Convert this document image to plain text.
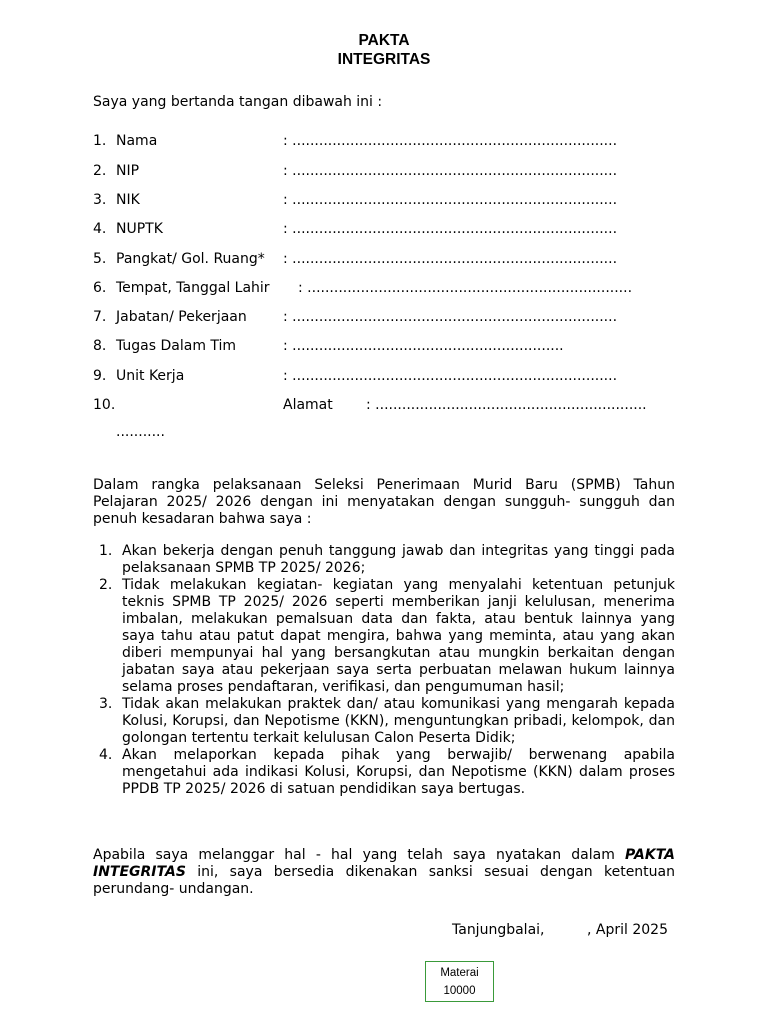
PAKTA
INTEGRITAS
Saya yang bertanda tangan dibawah ini :
1. Nama	: .........................................................................
2. NIP	: .........................................................................
3. NIK	: .........................................................................
4. NUPTK	: .........................................................................
5. Pangkat/ Gol. Ruang* : .........................................................................
6. Tempat, Tanggal Lahir : .........................................................................
7. Jabatan/ Pekerjaan	: .........................................................................
8. Tugas Dalam Tim	: .............................................................
9. Unit Kerja	: .........................................................................
10.	Alamat : .............................................................
...........
Dalam rangka pelaksanaan Seleksi Penerimaan Murid Baru (SPMB) Tahun Pelajaran 2025/ 2026 dengan ini menyatakan dengan sungguh- sungguh dan penuh kesadaran bahwa saya :
1. Akan bekerja dengan penuh tanggung jawab dan integritas yang tinggi pada pelaksanaan SPMB TP 2025/ 2026;
2. Tidak melakukan kegiatan- kegiatan yang menyalahi ketentuan petunjuk teknis SPMB TP 2025/ 2026 seperti memberikan janji kelulusan, menerima imbalan, melakukan pemalsuan data dan fakta, atau bentuk lainnya yang saya tahu atau patut dapat mengira, bahwa yang meminta, atau yang akan diberi mempunyai hal yang bersangkutan atau mungkin berkaitan dengan jabatan saya atau pekerjaan saya serta perbuatan melawan hukum lainnya selama proses pendaftaran, verifikasi, dan pengumuman hasil;
3. Tidak akan melakukan praktek dan/ atau komunikasi yang mengarah kepada Kolusi, Korupsi, dan Nepotisme (KKN), menguntungkan pribadi, kelompok, dan golongan tertentu terkait kelulusan Calon Peserta Didik;
4. Akan melaporkan kepada pihak yang berwajib/ berwenang apabila mengetahui ada indikasi Kolusi, Korupsi, dan Nepotisme (KKN) dalam proses PPDB TP 2025/ 2026 di satuan pendidikan saya bertugas.
Apabila saya melanggar hal - hal yang telah saya nyatakan dalam PAKTA INTEGRITAS ini, saya bersedia dikenakan sanksi sesuai dengan ketentuan perundang- undangan.
Tanjungbalai,	, April 2025
Materai
10000
